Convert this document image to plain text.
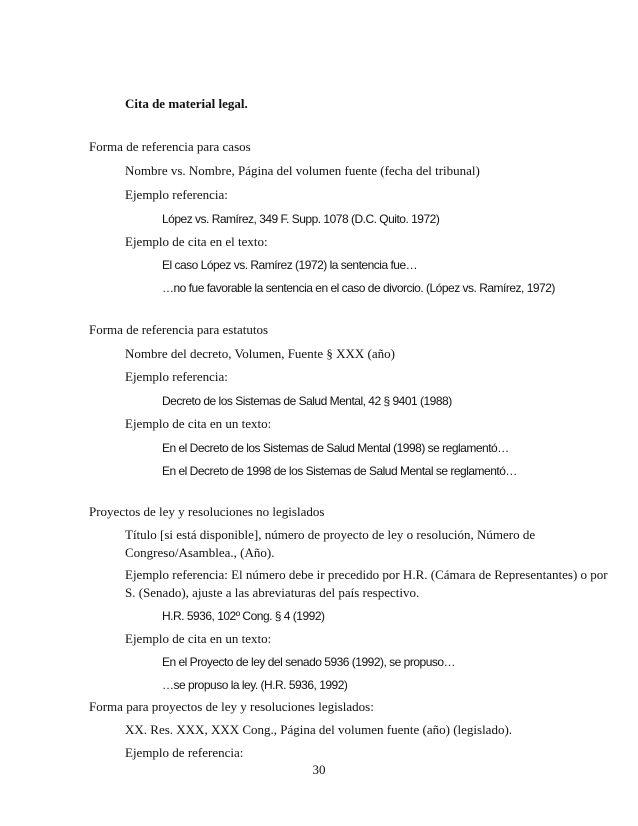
Cita de material legal.
Forma de referencia para casos
Nombre vs. Nombre, Página del volumen fuente (fecha del tribunal)
Ejemplo referencia:
López vs. Ramírez, 349 F. Supp. 1078 (D.C. Quito. 1972)
Ejemplo de cita en el texto:
El caso López vs. Ramírez (1972) la sentencia fue…
…no fue favorable la sentencia en el caso de divorcio. (López vs. Ramírez, 1972)
Forma de referencia para estatutos
Nombre del decreto, Volumen, Fuente § XXX (año)
Ejemplo referencia:
Decreto de los Sistemas de Salud Mental, 42 § 9401 (1988)
Ejemplo de cita en un texto:
En el Decreto de los Sistemas de Salud Mental (1998) se reglamentó…
En el Decreto de 1998 de los Sistemas de Salud Mental se reglamentó…
Proyectos de ley y resoluciones no legislados
Título [si está disponible], número de proyecto de ley o resolución, Número de
Congreso/Asamblea., (Año).
Ejemplo referencia: El número debe ir precedido por H.R. (Cámara de Representantes) o por
S. (Senado), ajuste a las abreviaturas del país respectivo.
H.R. 5936, 102º Cong. § 4 (1992)
Ejemplo de cita en un texto:
En el Proyecto de ley del senado 5936 (1992), se propuso…
…se propuso la ley. (H.R. 5936, 1992)
Forma para proyectos de ley y resoluciones legislados:
XX. Res. XXX, XXX Cong., Página del volumen fuente (año) (legislado).
Ejemplo de referencia:
30
